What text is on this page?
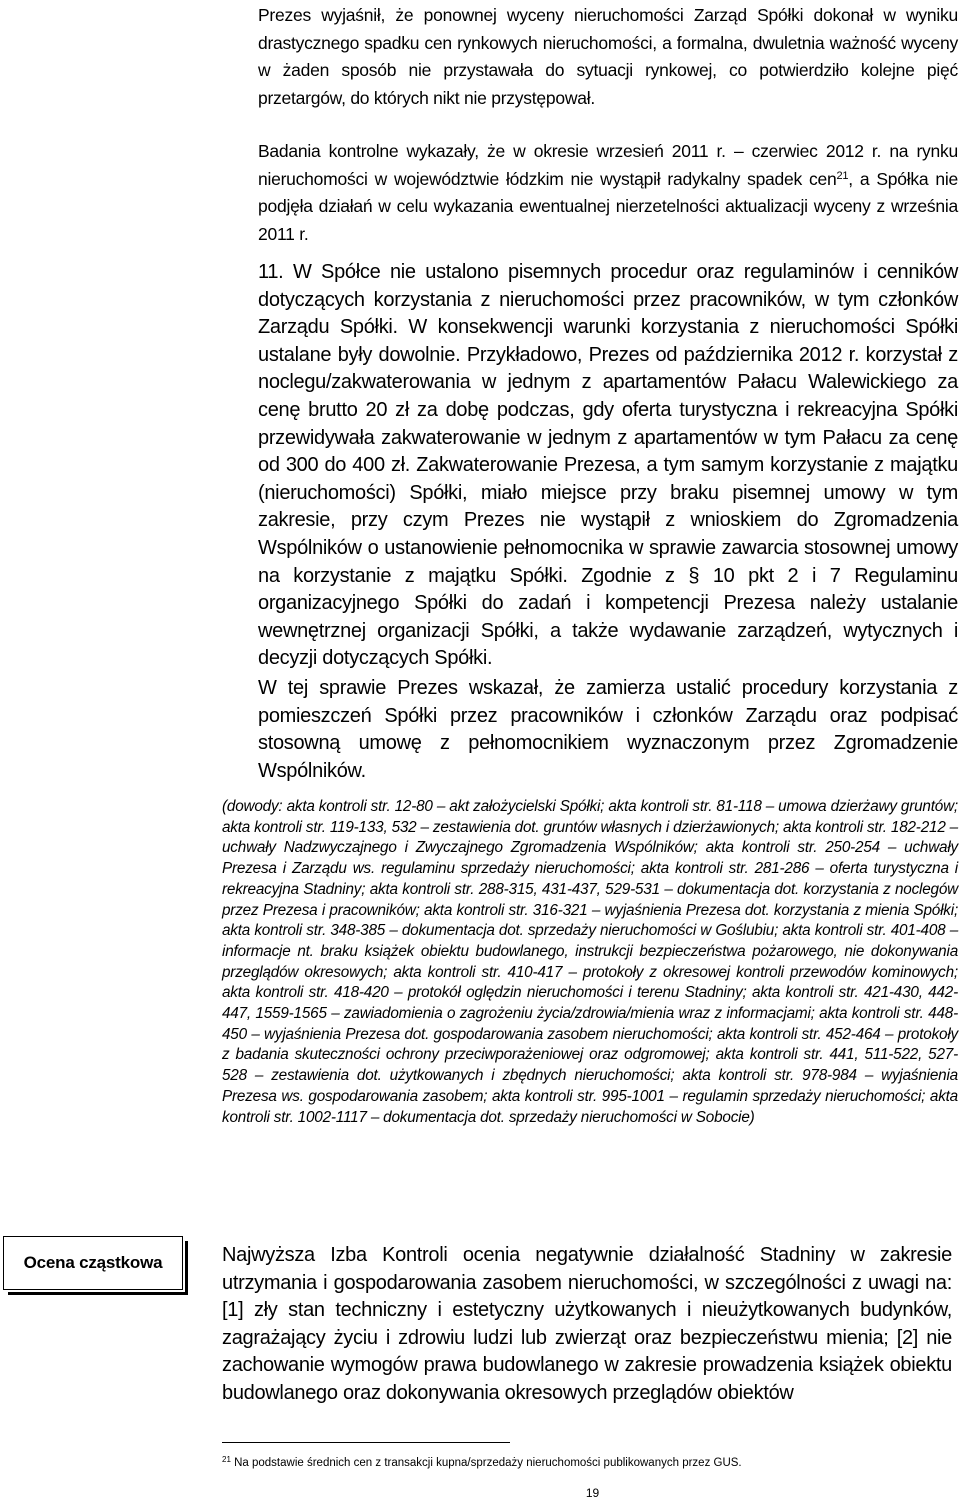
Prezes wyjaśnił, że ponownej wyceny nieruchomości Zarząd Spółki dokonał w wyniku drastycznego spadku cen rynkowych nieruchomości, a formalna, dwuletnia ważność wyceny w żaden sposób nie przystawała do sytuacji rynkowej, co potwierdziło kolejne pięć przetargów, do których nikt nie przystępował.

Badania kontrolne wykazały, że w okresie wrzesień 2011 r. – czerwiec 2012 r. na rynku nieruchomości w województwie łódzkim nie wystąpił radykalny spadek cen$^{21}$, a Spółka nie podjęła działań w celu wykazania ewentualnej nierzetelności aktualizacji wyceny z września 2011 r.

11. W Spółce nie ustalono pisemnych procedur oraz regulaminów i cenników dotyczących korzystania z nieruchomości przez pracowników, w tym członków Zarządu Spółki. W konsekwencji warunki korzystania z nieruchomości Spółki ustalane były dowolnie. Przykładowo, Prezes od października 2012 r. korzystał z noclegu/zakwaterowania w jednym z apartamentów Pałacu Walewickiego za cenę brutto 20 zł za dobę podczas, gdy oferta turystyczna i rekreacyjna Spółki przewidywała zakwaterowanie w jednym z apartamentów w tym Pałacu za cenę od 300 do 400 zł. Zakwaterowanie Prezesa, a tym samym korzystanie z majątku (nieruchomości) Spółki, miało miejsce przy braku pisemnej umowy w tym zakresie, przy czym Prezes nie wystąpił z wnioskiem do Zgromadzenia Wspólników o ustanowienie pełnomocnika w sprawie zawarcia stosownej umowy na korzystanie z majątku Spółki. Zgodnie z § 10 pkt 2 i 7 Regulaminu organizacyjnego Spółki do zadań i kompetencji Prezesa należy ustalanie wewnętrznej organizacji Spółki, a także wydawanie zarządzeń, wytycznych i decyzji dotyczących Spółki.

W tej sprawie Prezes wskazał, że zamierza ustalić procedury korzystania z pomieszczeń Spółki przez pracowników i członków Zarządu oraz podpisać stosowną umowę z pełnomocnikiem wyznaczonym przez Zgromadzenie Wspólników.

(dowody: akta kontroli str. 12-80 – akt założycielski Spółki; akta kontroli str. 81-118 – umowa dzierżawy gruntów; akta kontroli str. 119-133, 532 – zestawienia dot. gruntów własnych i dzierżawionych; akta kontroli str. 182-212 – uchwały Nadzwyczajnego i Zwyczajnego Zgromadzenia Wspólników; akta kontroli str. 250-254 – uchwały Prezesa i Zarządu ws. regulaminu sprzedaży nieruchomości; akta kontroli str. 281-286 – oferta turystyczna i rekreacyjna Stadniny; akta kontroli str. 288-315, 431-437, 529-531 – dokumentacja dot. korzystania z noclegów przez Prezesa i pracowników; akta kontroli str. 316-321 – wyjaśnienia Prezesa dot. korzystania z mienia Spółki; akta kontroli str. 348-385 – dokumentacja dot. sprzedaży nieruchomości w Goślubiu; akta kontroli str. 401-408 – informacje nt. braku książek obiektu budowlanego, instrukcji bezpieczeństwa pożarowego, nie dokonywania przeglądów okresowych; akta kontroli str. 410-417 – protokoły z okresowej kontroli przewodów kominowych; akta kontroli str. 418-420 – protokół oględzin nieruchomości i terenu Stadniny; akta kontroli str. 421-430, 442-447, 1559-1565 – zawiadomienia o zagrożeniu życia/zdrowia/mienia wraz z informacjami; akta kontroli str. 448-450 – wyjaśnienia Prezesa dot. gospodarowania zasobem nieruchomości; akta kontroli str. 452-464 – protokoły z badania skuteczności ochrony przeciwporażeniowej oraz odgromowej; akta kontroli str. 441, 511-522, 527-528 – zestawienia dot. użytkowanych i zbędnych nieruchomości; akta kontroli str. 978-984 – wyjaśnienia Prezesa ws. gospodarowania zasobem; akta kontroli str. 995-1001 – regulamin sprzedaży nieruchomości; akta kontroli str. 1002-1117 – dokumentacja dot. sprzedaży nieruchomości w Sobocie)

Ocena cząstkowa	Najwyższa Izba Kontroli ocenia negatywnie działalność Stadniny w zakresie utrzymania i gospodarowania zasobem nieruchomości, w szczególności z uwagi na: [1] zły stan techniczny i estetyczny użytkowanych i nieużytkowanych budynków, zagrażający życiu i zdrowiu ludzi lub zwierząt oraz bezpieczeństwu mienia; [2] nie zachowanie wymogów prawa budowlanego w zakresie prowadzenia książek obiektu budowlanego oraz dokonywania okresowych przeglądów obiektów

$^{21}$ Na podstawie średnich cen z transakcji kupna/sprzedaży nieruchomości publikowanych przez GUS.

19
